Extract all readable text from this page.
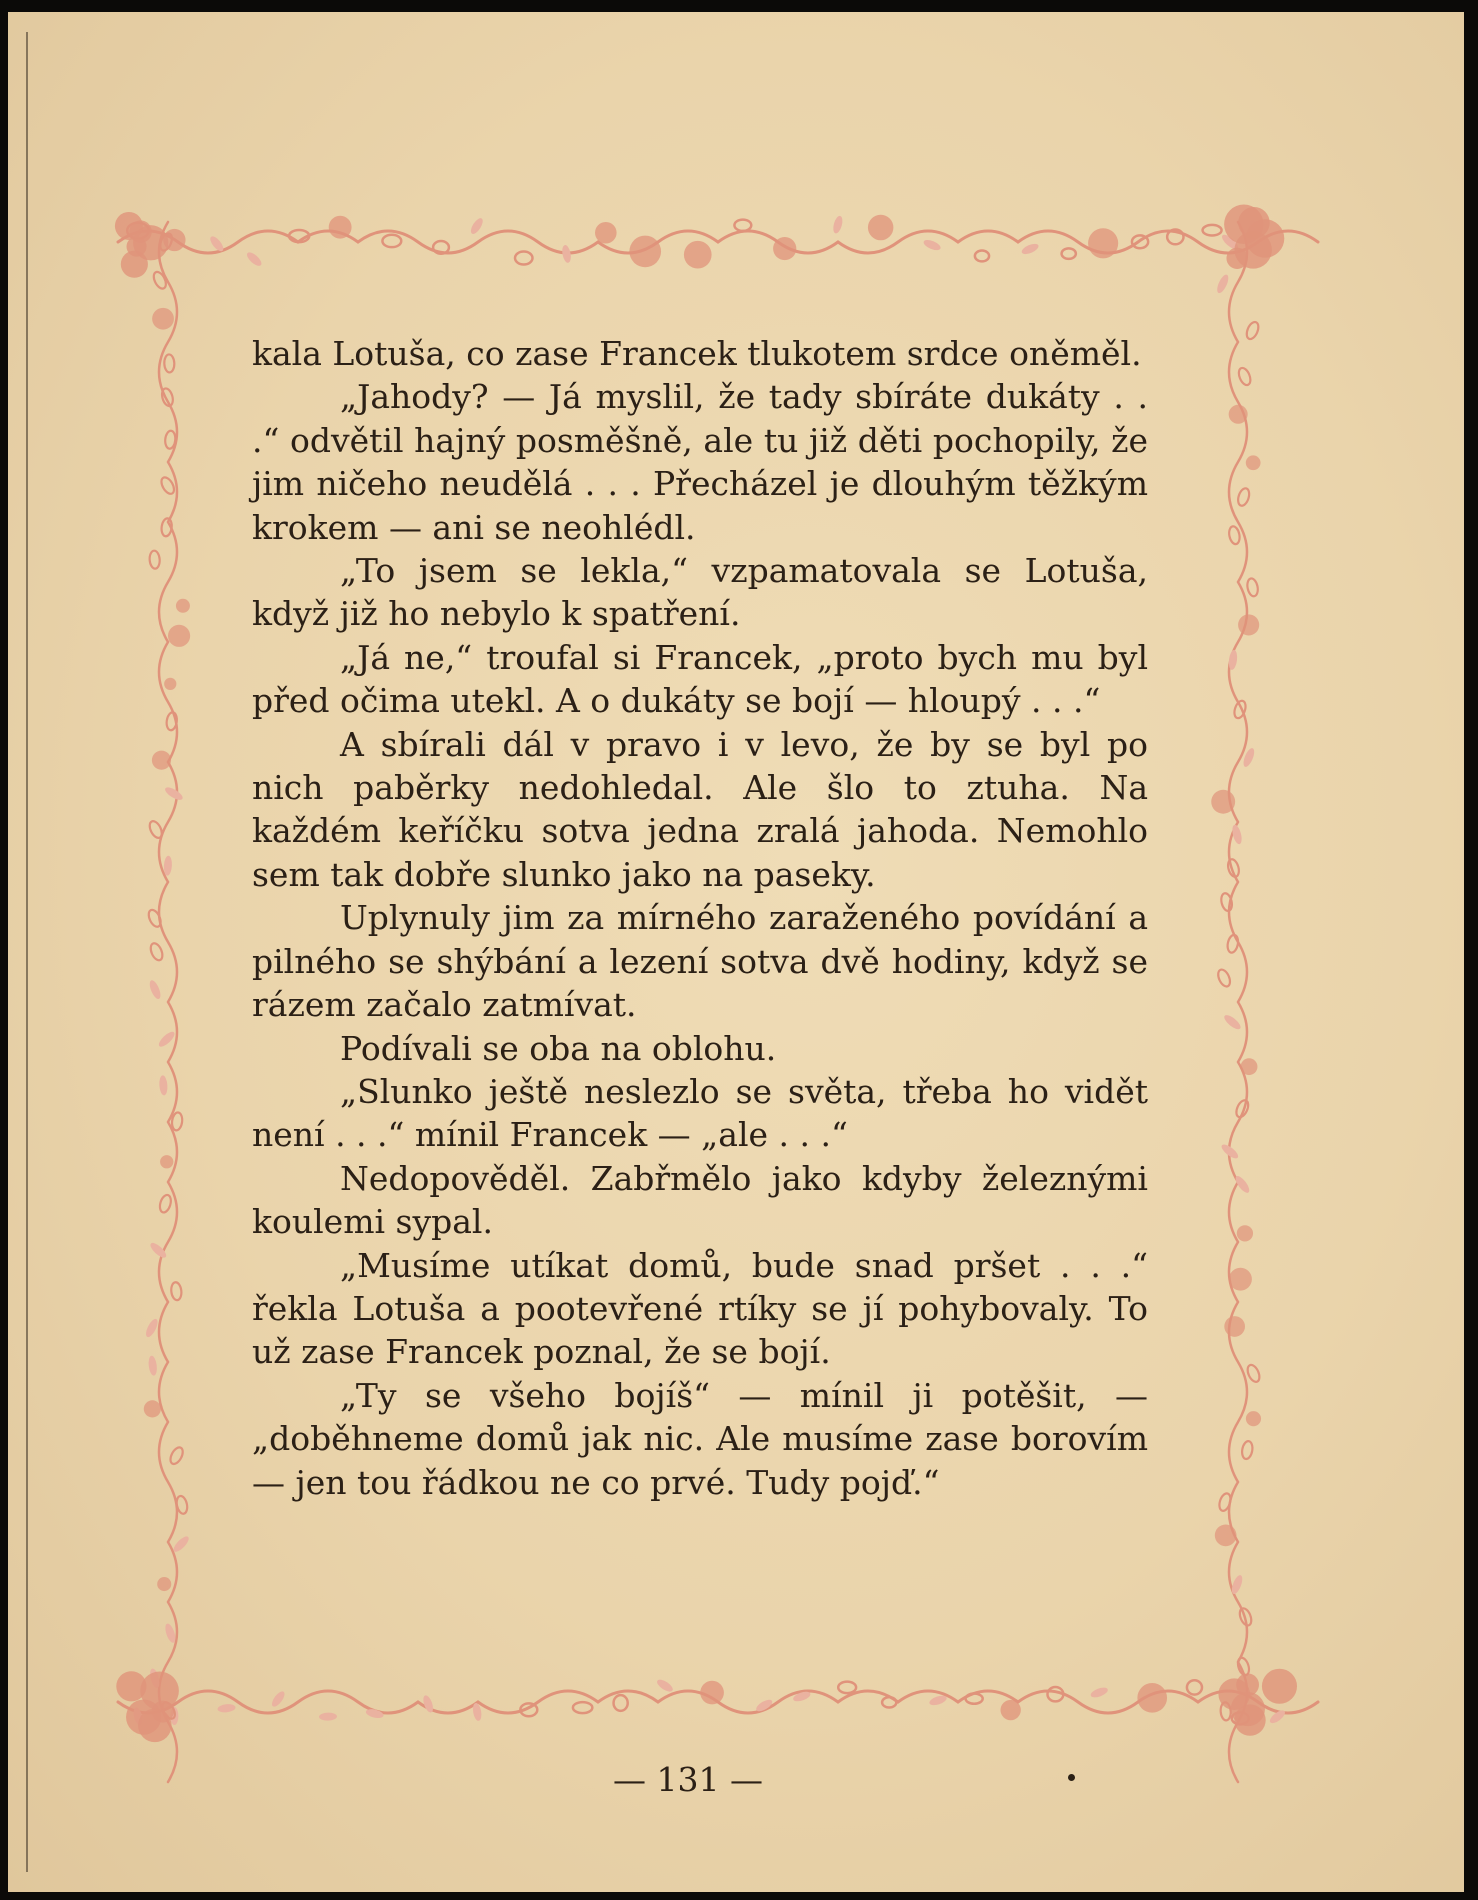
kala Lotuša, co zase Francek tlukotem srdce oněměl.

„Jahody? — Já myslil, že tady sbíráte dukáty . . .“ odvětil hajný posměšně, ale tu již děti pochopily, že jim ničeho neudělá . . . Přecházel je dlouhým těžkým krokem — ani se neohlédl.

„To jsem se lekla,“ vzpamatovala se Lotuša, když již ho nebylo k spatření.

„Já ne,“ troufal si Francek, „proto bych mu byl před očima utekl. A o dukáty se bojí — hloupý . . .“

A sbírali dál v pravo i v levo, že by se byl po nich paběrky nedohledal. Ale šlo to ztuha. Na každém keříčku sotva jedna zralá jahoda. Nemohlo sem tak dobře slunko jako na paseky.

Uplynuly jim za mírného zaraženého povídání a pilného se shýbání a lezení sotva dvě hodiny, když se rázem začalo zatmívat.

Podívali se oba na oblohu.

„Slunko ještě neslezlo se světa, třeba ho vidět není . . .“ mínil Francek — „ale . . .“

Nedopověděl. Zabřmělo jako kdyby železnými koulemi sypal.

„Musíme utíkat domů, bude snad pršet . . .“ řekla Lotuša a pootevřené rtíky se jí pohybovaly. To už zase Francek poznal, že se bojí.

„Ty se všeho bojíš“ — mínil ji potěšit, — „doběhneme domů jak nic. Ale musíme zase borovím — jen tou řádkou ne co prvé. Tudy pojď.“

— 131 —
